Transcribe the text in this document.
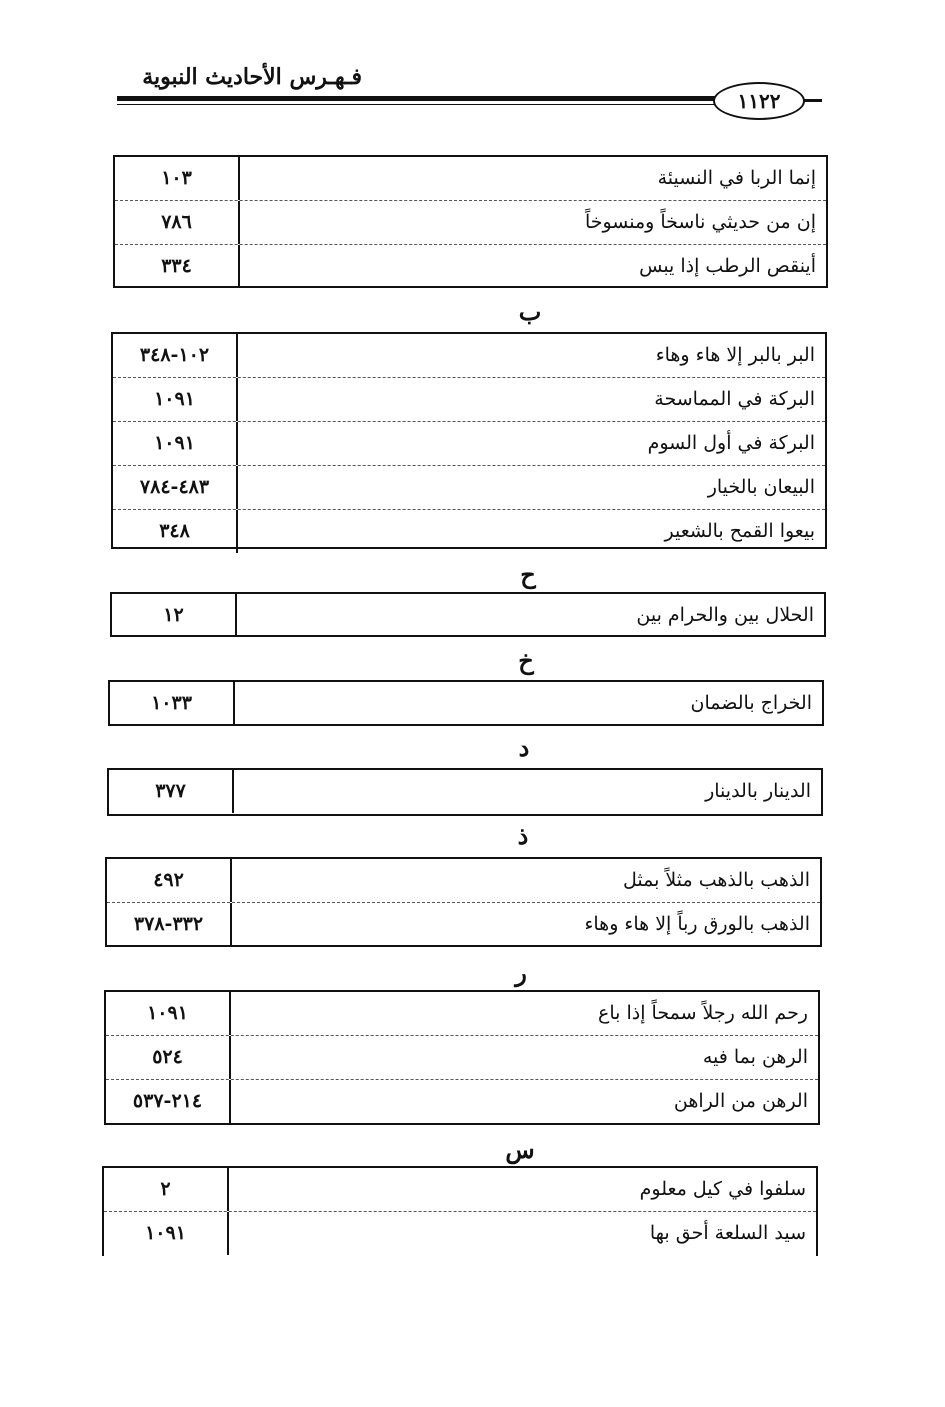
فـهـرس الأحاديث النبوية
١١٢٢
إنما الربا في النسيئة
١٠٣
إن من حديثي ناسخاً ومنسوخاً
٧٨٦
أينقص الرطب إذا يبس
٣٣٤
ب
البر بالبر إلا هاء وهاء
١٠٢-٣٤٨
البركة في المماسحة
١٠٩١
البركة في أول السوم
١٠٩١
البيعان بالخيار
٤٨٣-٧٨٤
بيعوا القمح بالشعير
٣٤٨
ح
الحلال بين والحرام بين
١٢
خ
الخراج بالضمان
١٠٣٣
د
الدينار بالدينار
٣٧٧
ذ
الذهب بالذهب مثلاً بمثل
٤٩٢
الذهب بالورق رباً إلا هاء وهاء
٣٣٢-٣٧٨
ر
رحم الله رجلاً سمحاً إذا باع
١٠٩١
الرهن بما فيه
٥٢٤
الرهن من الراهن
٢١٤-٥٣٧
س
سلفوا في كيل معلوم
٢
سيد السلعة أحق بها
١٠٩١
